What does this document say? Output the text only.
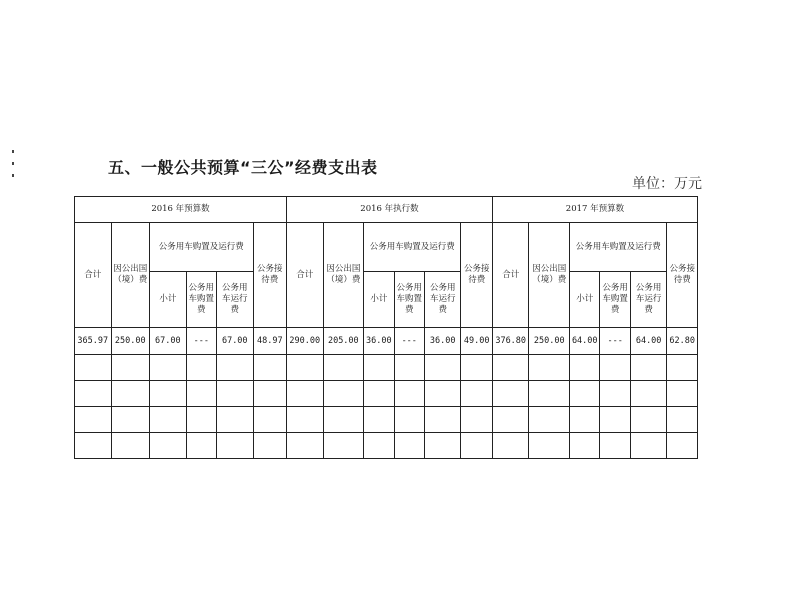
五、一般公共预算“三公”经费支出表
单位：万元
2016 年预算数						2016 年执行数						2017 年预算数					
合计	因公出国（境）费	公务用车购置及运行费			公务接待费	合计	因公出国（境）费	公务用车购置及运行费			公务接待费	合计	因公出国（境）费	公务用车购置及运行费			公务接待费
		小计	公务用车购置费	公务用车运行费				小计	公务用车购置费	公务用车运行费				小计	公务用车购置费	公务用车运行费	
365.97	250.00	67.00	---	67.00	48.97	290.00	205.00	36.00	---	36.00	49.00	376.80	250.00	64.00	---	64.00	62.80
